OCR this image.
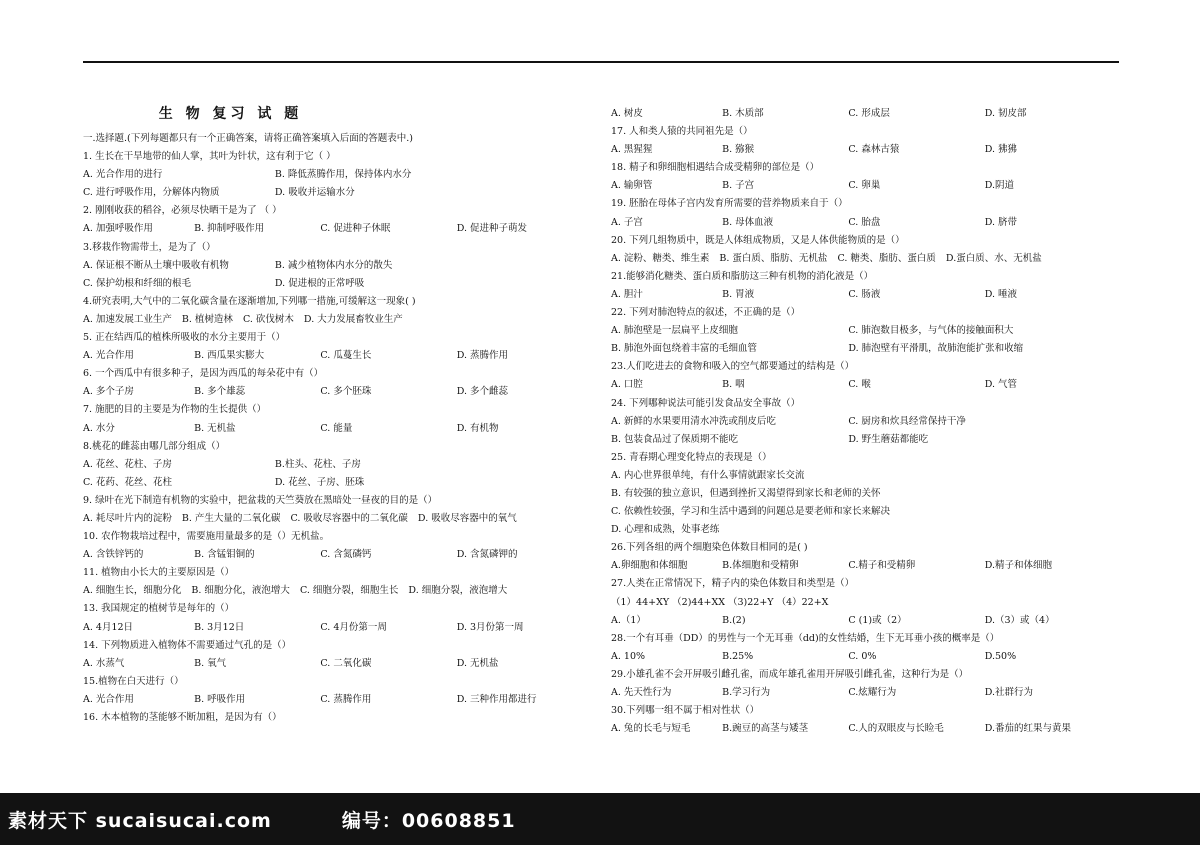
生 物 复习 试 题
一.选择题.(下列每题都只有一个正确答案，请将正确答案填入后面的答题表中.)
1. 生长在干旱地带的仙人掌，其叶为针状，这有利于它（ ）
A. 光合作用的进行	B. 降低蒸腾作用，保持体内水分
C. 进行呼吸作用，分解体内物质	D. 吸收并运输水分
2. 刚刚收获的稻谷，必须尽快晒干是为了 （ ）
A. 加强呼吸作用	B. 抑制呼吸作用	C. 促进种子休眠	D. 促进种子萌发
3.移栽作物需带土，是为了（）
A. 保证根不断从土壤中吸收有机物	B. 减少植物体内水分的散失
C. 保护幼根和纤细的根毛	D. 促进根的正常呼吸
4.研究表明,大气中的二氧化碳含量在逐渐增加,下列哪一措施,可缓解这一现象( )
A. 加速发展工业生产 B. 植树造林 C. 砍伐树木 D. 大力发展畜牧业生产
5. 正在结西瓜的植株所吸收的水分主要用于（）
A. 光合作用	B. 西瓜果实膨大	C. 瓜蔓生长	D. 蒸腾作用
6. 一个西瓜中有很多种子，是因为西瓜的每朵花中有（）
A. 多个子房	B. 多个雄蕊	C. 多个胚珠	D. 多个雌蕊
7. 施肥的目的主要是为作物的生长提供（）
A. 水分	B. 无机盐	C. 能量	D. 有机物
8.桃花的雌蕊由哪几部分组成（）
A. 花丝、花柱、子房	B.柱头、花柱、子房
C. 花药、花丝、花柱	D. 花丝、子房、胚珠
9. 绿叶在光下制造有机物的实验中，把盆栽的天竺葵放在黑暗处一昼夜的目的是（）
A. 耗尽叶片内的淀粉 B. 产生大量的二氧化碳 C. 吸收尽容器中的二氧化碳 D. 吸收尽容器中的氧气
10. 农作物栽培过程中，需要施用量最多的是（）无机盐。
A. 含铁锌钙的	B. 含锰钼铜的	C. 含氮磷钙	D. 含氮磷钾的
11. 植物由小长大的主要原因是（）
A. 细胞生长，细胞分化 B. 细胞分化，液泡增大 C. 细胞分裂，细胞生长 D. 细胞分裂，液泡增大
13. 我国规定的植树节是每年的（）
A. 4月12日	B. 3月12日	C. 4月份第一周	D. 3月份第一周
14. 下列物质进入植物体不需要通过气孔的是（）
A. 水蒸气	B. 氧气	C. 二氧化碳	D. 无机盐
15.植物在白天进行（）
A. 光合作用	B. 呼吸作用	C. 蒸腾作用	D. 三种作用都进行
16. 木本植物的茎能够不断加粗，是因为有（）
A. 树皮	B. 木质部	C. 形成层	D. 韧皮部
17. 人和类人猿的共同祖先是（）
A. 黑猩猩	B. 猕猴	C. 森林古猿	D. 狒狒
18. 精子和卵细胞相遇结合成受精卵的部位是（）
A. 输卵管	B. 子宫	C. 卵巢	D.阴道
19. 胚胎在母体子宫内发育所需要的营养物质来自于（）
A. 子宫	B. 母体血液	C. 胎盘	D. 脐带
20. 下列几组物质中，既是人体组成物质，又是人体供能物质的是（）
A. 淀粉、糖类、维生素 B. 蛋白质、脂肪、无机盐 C. 糖类、脂肪、蛋白质 D.蛋白质、水、无机盐
21.能够消化糖类、蛋白质和脂肪这三种有机物的消化液是（）
A. 胆汁	B. 胃液	C. 肠液	D. 唾液
22. 下列对肺泡特点的叙述，不正确的是（）
A. 肺泡壁是一层扁平上皮细胞	C. 肺泡数目极多，与气体的接触面积大
B. 肺泡外面包绕着丰富的毛细血管	D. 肺泡壁有平滑肌，故肺泡能扩张和收缩
23.人们吃进去的食物和吸入的空气都要通过的结构是（）
A. 口腔	B. 咽	C. 喉	D. 气管
24. 下列哪种说法可能引发食品安全事故（）
A. 新鲜的水果要用清水冲洗或削皮后吃	C. 厨房和炊具经常保持干净
B. 包装食品过了保质期不能吃	D. 野生蘑菇都能吃
25. 青春期心理变化特点的表现是（）
A. 内心世界很单纯，有什么事情就跟家长交流
B. 有较强的独立意识，但遇到挫折又渴望得到家长和老师的关怀
C. 依赖性较强，学习和生活中遇到的问题总是要老师和家长来解决
D. 心理和成熟，处事老练
26.下列各组的两个细胞染色体数目相同的是( )
A.卵细胞和体细胞	B.体细胞和受精卵	C.精子和受精卵	D.精子和体细胞
27.人类在正常情况下，精子内的染色体数目和类型是（）
（1）44+XY （2)44+XX （3)22+Y （4）22+X
A.（1）	B.(2)	C (1)或（2）	D.（3）或（4）
28.一个有耳垂（DD）的男性与一个无耳垂（dd)的女性结婚，生下无耳垂小孩的概率是（）
A. 10%	B.25%	C. 0%	D.50%
29.小雄孔雀不会开屏吸引雌孔雀，而成年雄孔雀用开屏吸引雌孔雀，这种行为是（）
A. 先天性行为	B.学习行为	C.炫耀行为	D.社群行为
30.下列哪一组不属于相对性状（）
A. 兔的长毛与短毛	B.豌豆的高茎与矮茎	C.人的双眼皮与长睑毛	D.番茄的红果与黄果
素材天下 sucaisucai.com	编号：00608851
